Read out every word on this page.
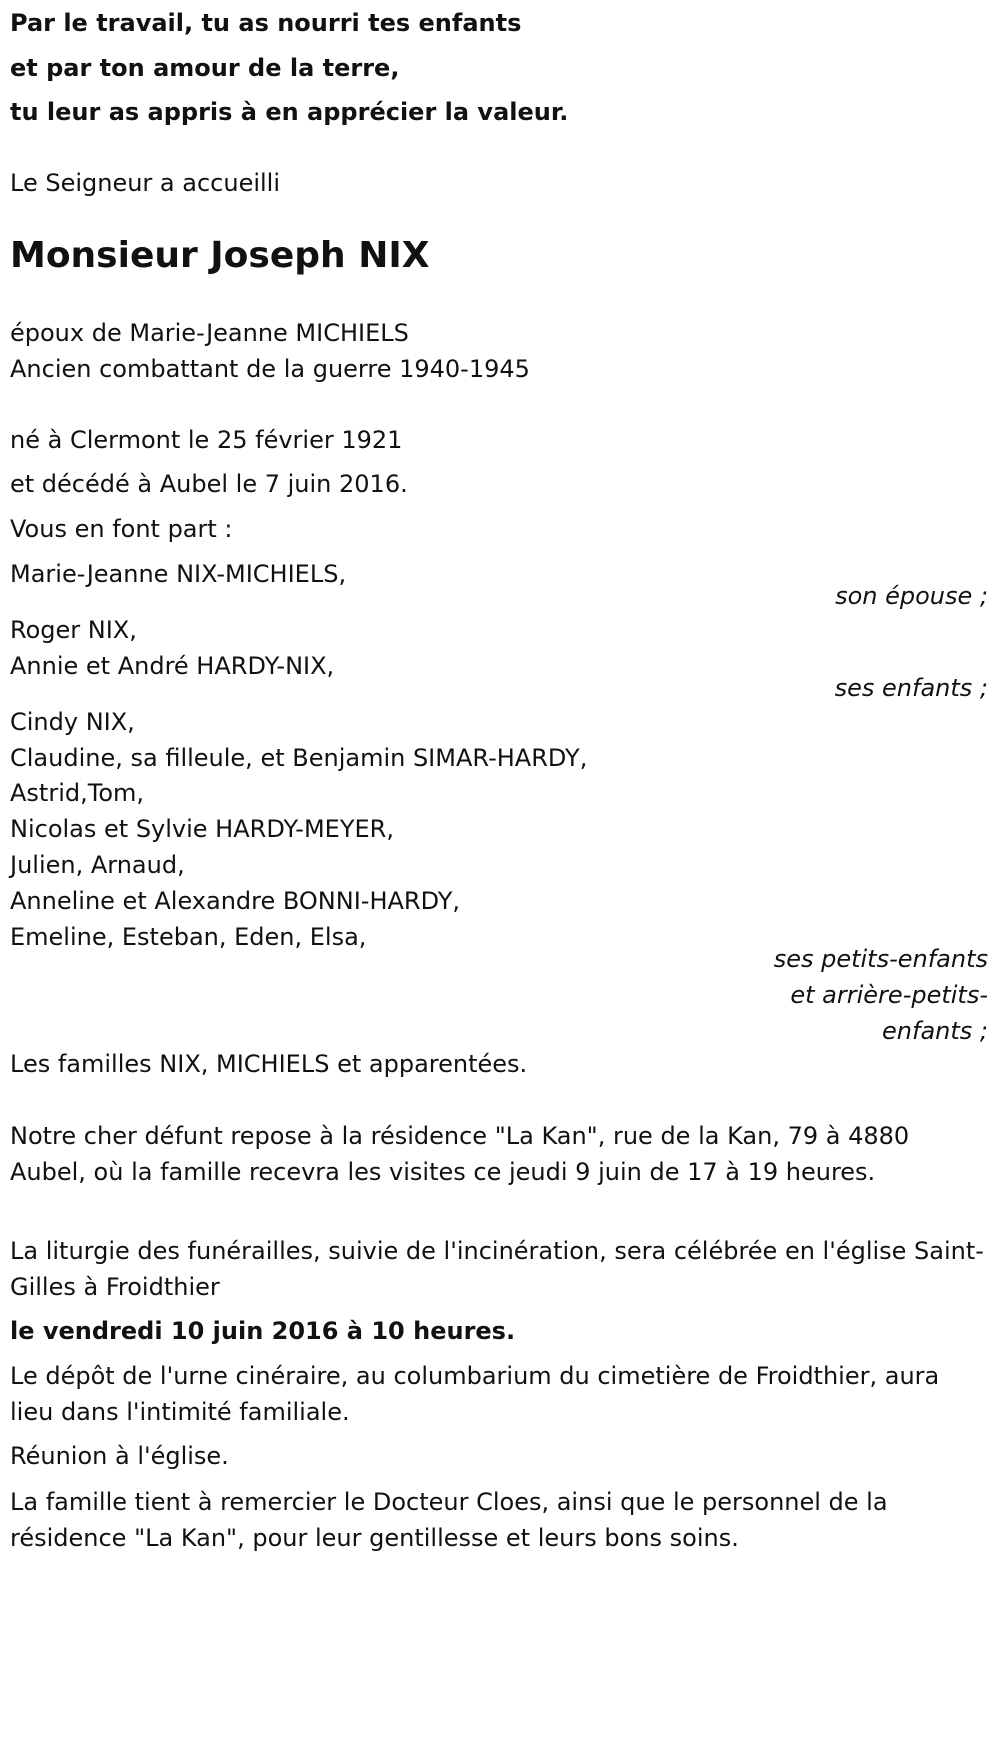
Par le travail, tu as nourri tes enfants
et par ton amour de la terre,
tu leur as appris à en apprécier la valeur.
Le Seigneur a accueilli
Monsieur Joseph NIX
époux de Marie-Jeanne MICHIELS
Ancien combattant de la guerre 1940-1945
né à Clermont le 25 février 1921
et décédé à Aubel le 7 juin 2016.
Vous en font part :
Marie-Jeanne NIX-MICHIELS,
son épouse ;
Roger NIX,
Annie et André HARDY-NIX,
ses enfants ;
Cindy NIX,
Claudine, sa filleule, et Benjamin SIMAR-HARDY,
Astrid,Tom,
Nicolas et Sylvie HARDY-MEYER,
Julien, Arnaud,
Anneline et Alexandre BONNI-HARDY,
Emeline, Esteban, Eden, Elsa,
ses petits-enfants
et arrière-petits-
enfants ;
Les familles NIX, MICHIELS et apparentées.
Notre cher défunt repose à la résidence "La Kan", rue de la Kan, 79 à 4880 Aubel, où la famille recevra les visites ce jeudi 9 juin de 17 à 19 heures.
La liturgie des funérailles, suivie de l'incinération, sera célébrée en l'église Saint-Gilles à Froidthier
le vendredi 10 juin 2016 à 10 heures.
Le dépôt de l'urne cinéraire, au columbarium du cimetière de Froidthier, aura lieu dans l'intimité familiale.
Réunion à l'église.
La famille tient à remercier le Docteur Cloes, ainsi que le personnel de la résidence "La Kan", pour leur gentillesse et leurs bons soins.
